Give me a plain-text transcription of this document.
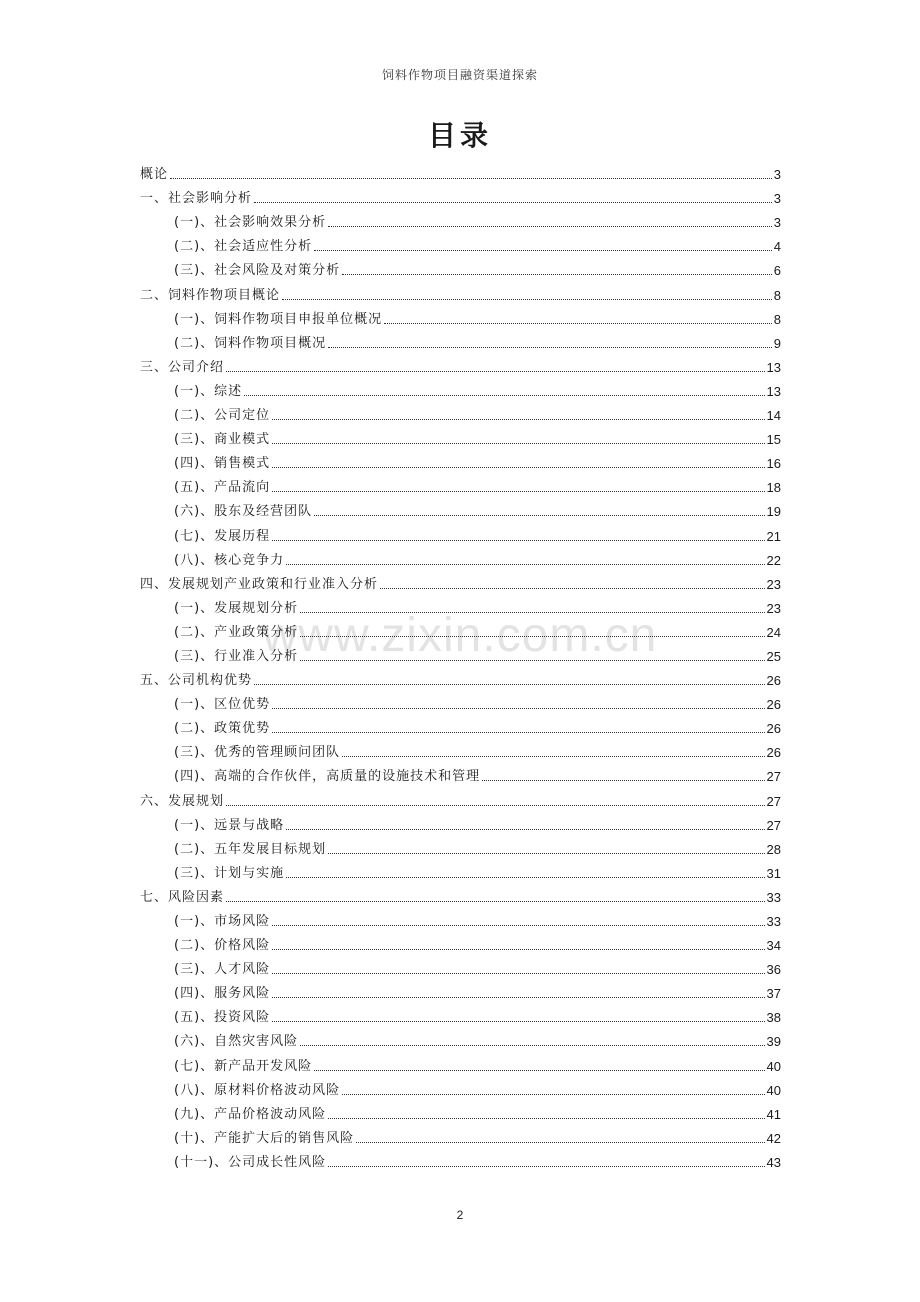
饲料作物项目融资渠道探索
目录
www.zixin.com.cn
概论	3
一、社会影响分析	3
(一)、社会影响效果分析	3
(二)、社会适应性分析	4
(三)、社会风险及对策分析	6
二、饲料作物项目概论	8
(一)、饲料作物项目申报单位概况	8
(二)、饲料作物项目概况	9
三、公司介绍	13
(一)、综述	13
(二)、公司定位	14
(三)、商业模式	15
(四)、销售模式	16
(五)、产品流向	18
(六)、股东及经营团队	19
(七)、发展历程	21
(八)、核心竞争力	22
四、发展规划产业政策和行业准入分析	23
(一)、发展规划分析	23
(二)、产业政策分析	24
(三)、行业准入分析	25
五、公司机构优势	26
(一)、区位优势	26
(二)、政策优势	26
(三)、优秀的管理顾问团队	26
(四)、高端的合作伙伴，高质量的设施技术和管理	27
六、发展规划	27
(一)、远景与战略	27
(二)、五年发展目标规划	28
(三)、计划与实施	31
七、风险因素	33
(一)、市场风险	33
(二)、价格风险	34
(三)、人才风险	36
(四)、服务风险	37
(五)、投资风险	38
(六)、自然灾害风险	39
(七)、新产品开发风险	40
(八)、原材料价格波动风险	40
(九)、产品价格波动风险	41
(十)、产能扩大后的销售风险	42
(十一)、公司成长性风险	43
2
